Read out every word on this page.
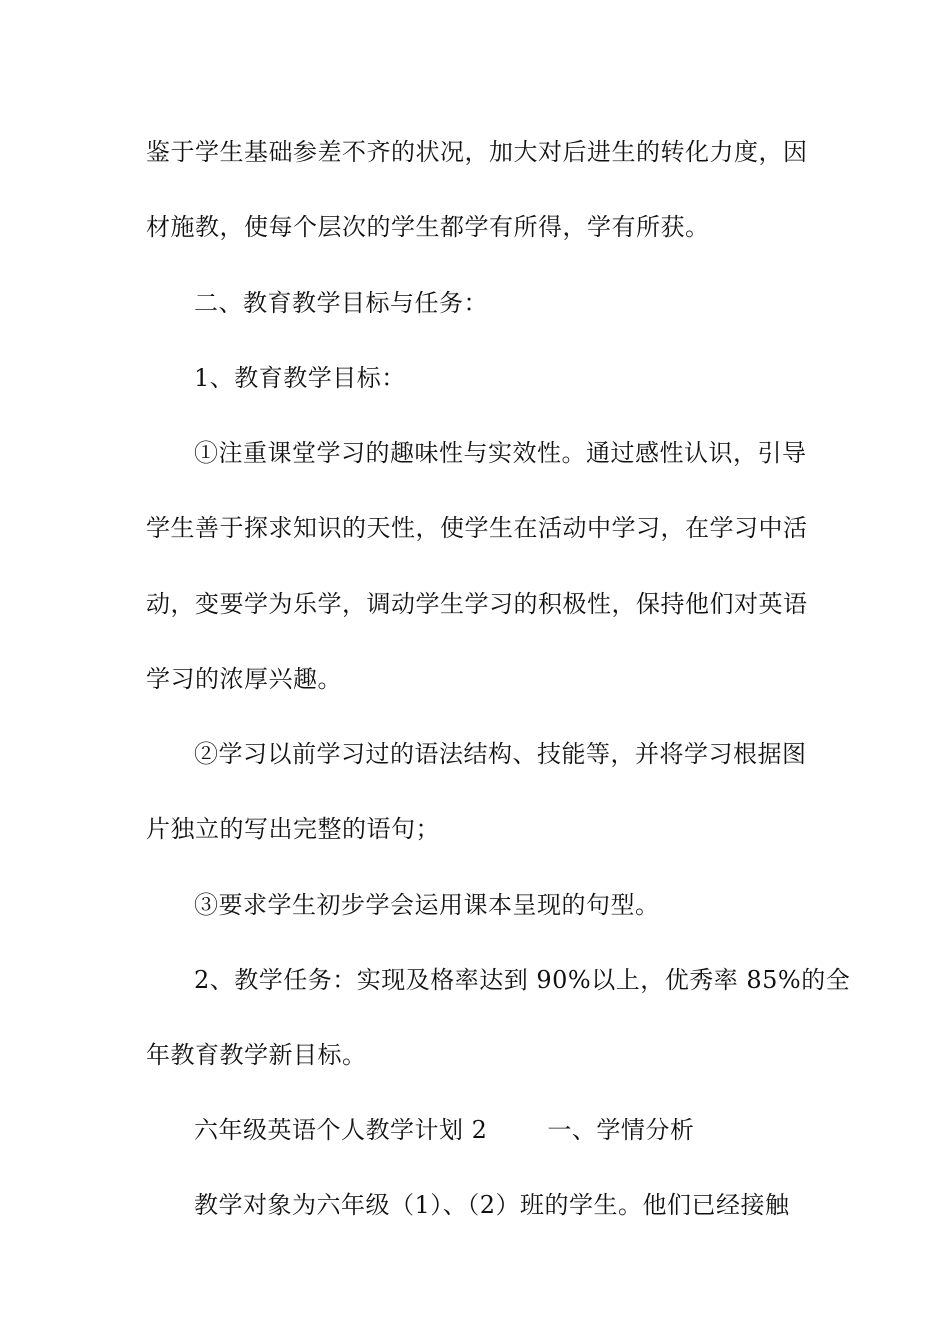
鉴于学生基础参差不齐的状况，加大对后进生的转化力度，因
材施教，使每个层次的学生都学有所得，学有所获。
二、教育教学目标与任务：
1、教育教学目标：
①注重课堂学习的趣味性与实效性。通过感性认识，引导
学生善于探求知识的天性，使学生在活动中学习，在学习中活
动，变要学为乐学，调动学生学习的积极性，保持他们对英语
学习的浓厚兴趣。
②学习以前学习过的语法结构、技能等，并将学习根据图
片独立的写出完整的语句；
③要求学生初步学会运用课本呈现的句型。
2、教学任务：实现及格率达到 90%以上，优秀率 85%的全
年教育教学新目标。
六年级英语个人教学计划 2	一、学情分析
教学对象为六年级（1）、（2）班的学生。他们已经接触
